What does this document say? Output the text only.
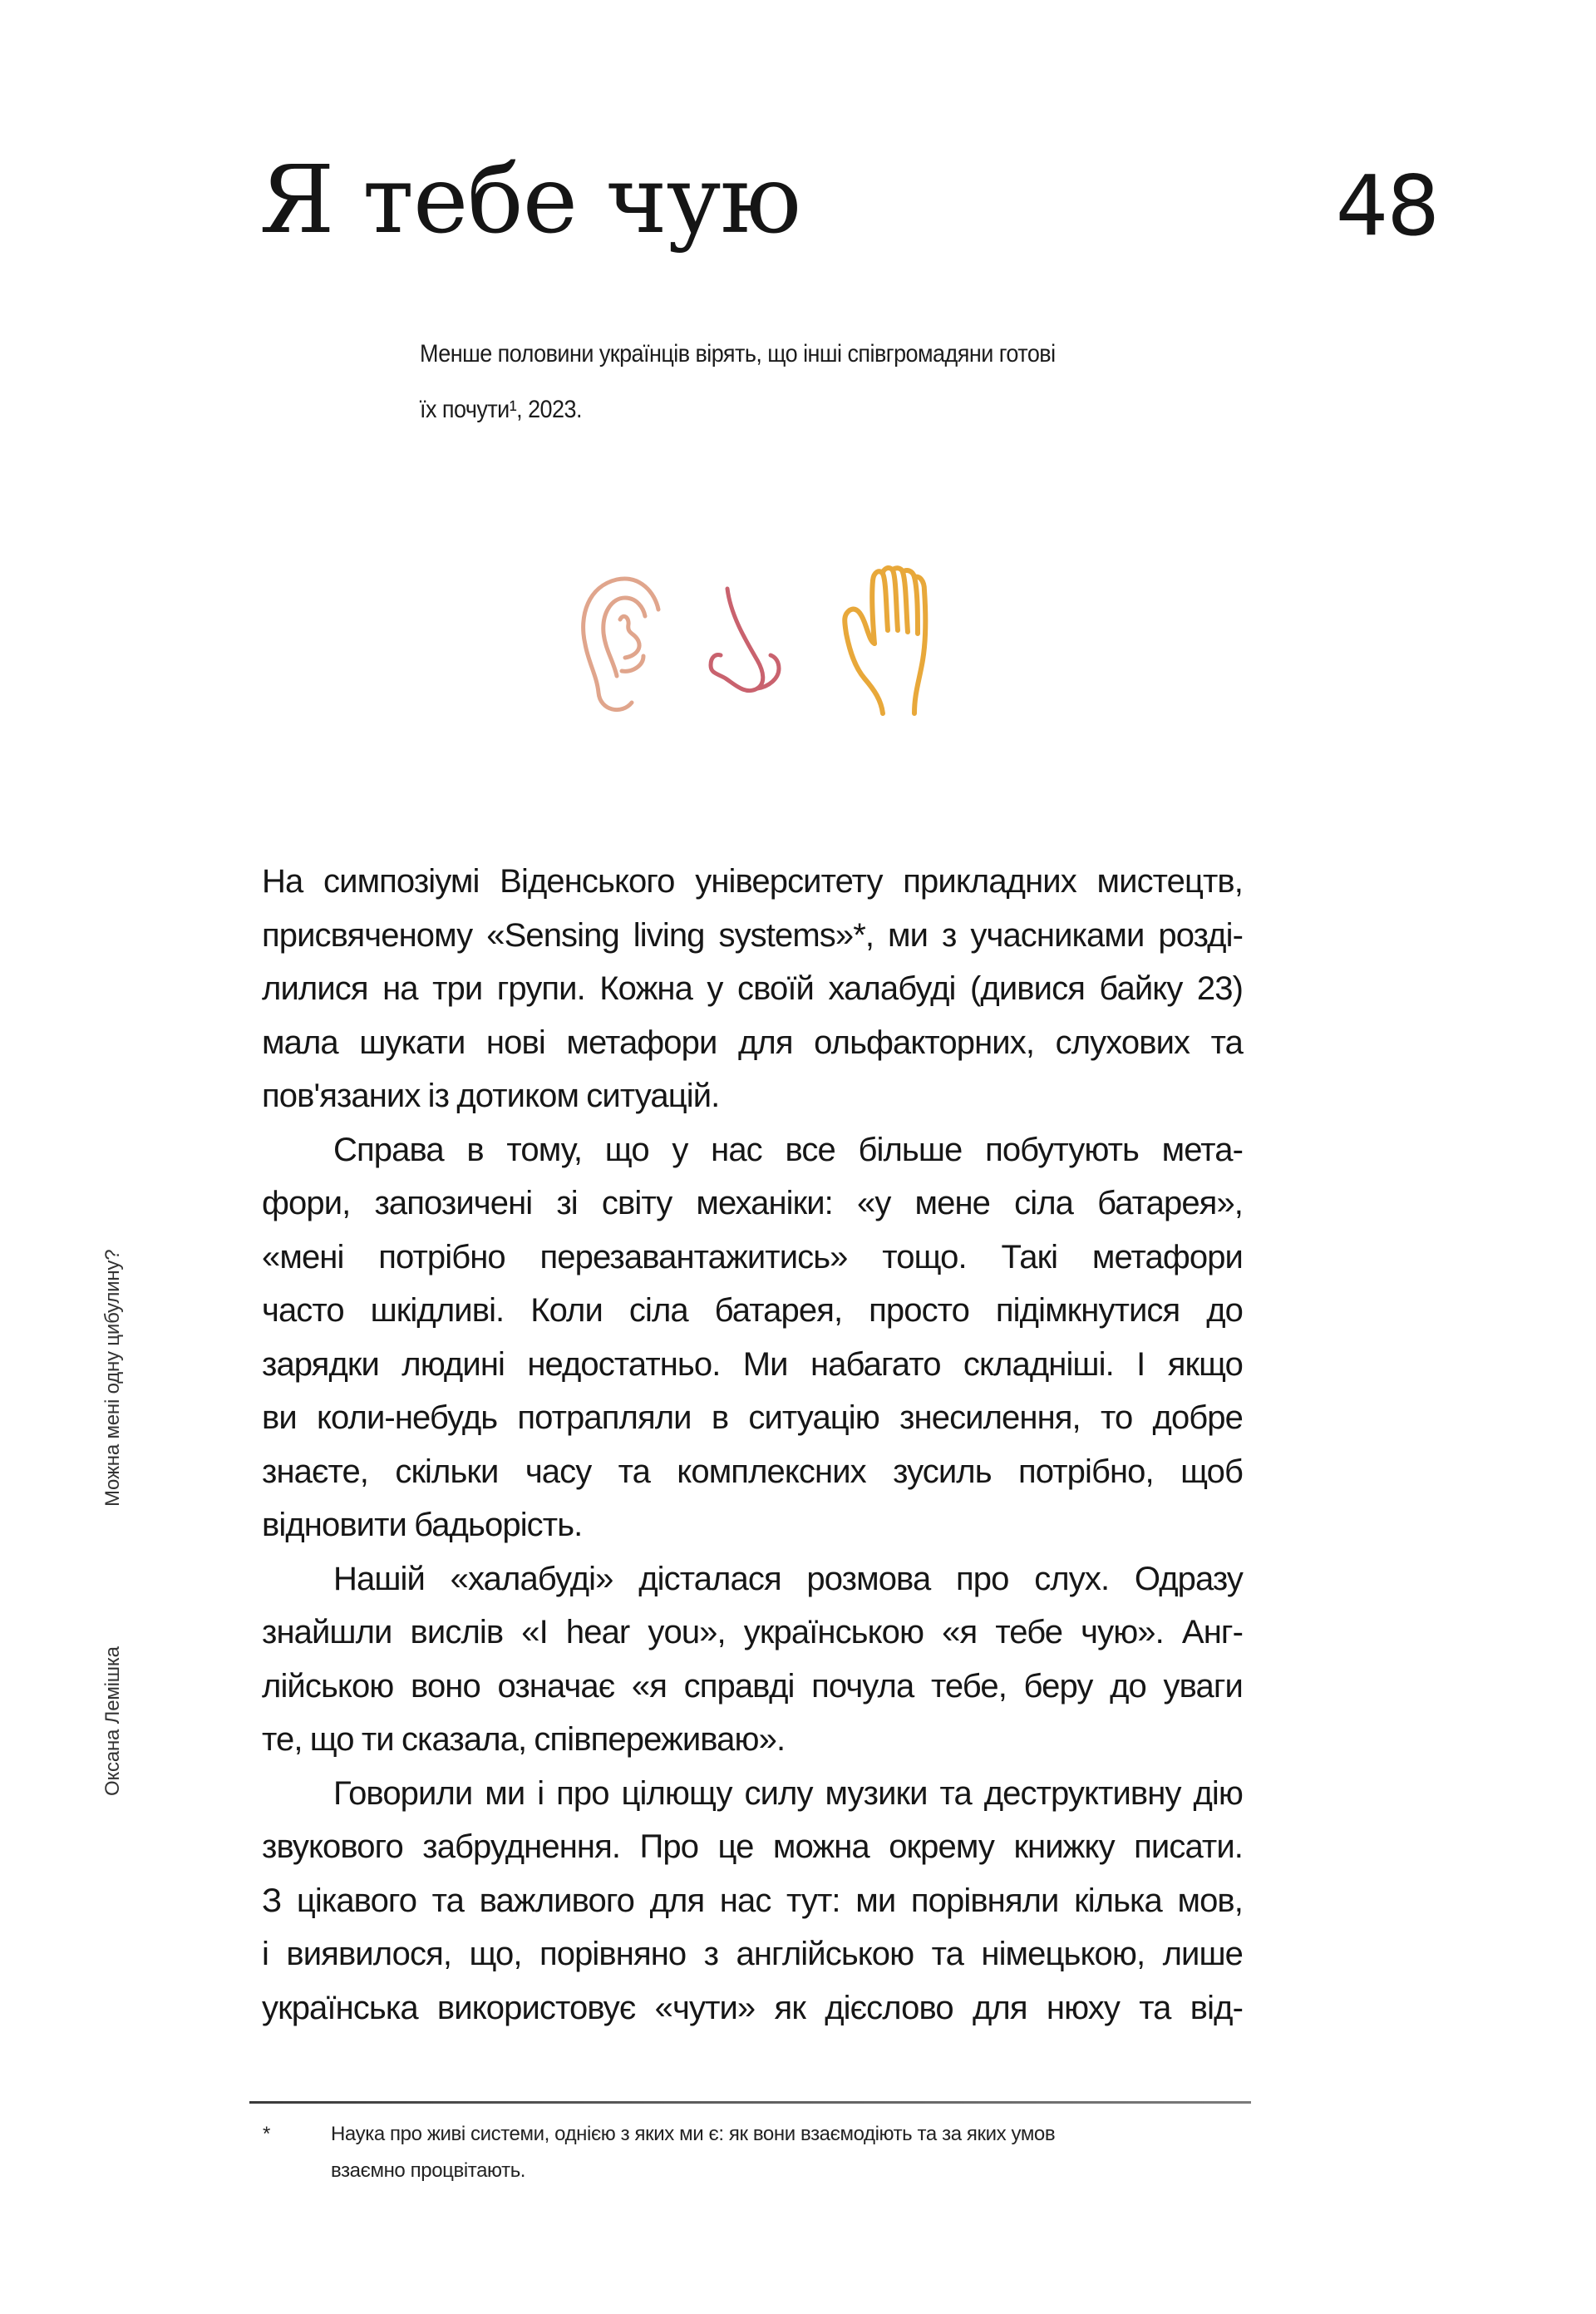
Я тебе чую	48

Менше половини українців вірять, що інші співгромадяни готові

їх почути¹, 2023.

На симпозіумі Віденського університету прикладних мистецтв,
присвяченому «Sensing living systems»*, ми з учасниками розді-
лилися на три групи. Кожна у своїй халабуді (дивися байку 23)
мала шукати нові метафори для ольфакторних, слухових та
пов'язаних із дотиком ситуацій.
Справа в тому, що у нас все більше побутують мета-
фори, запозичені зі світу механіки: «у мене сіла батарея»,
«мені потрібно перезавантажитись» тощо. Такі метафори
часто шкідливі. Коли сіла батарея, просто підімкнутися до
зарядки людині недостатньо. Ми набагато складніші. І якщо
ви коли-небудь потрапляли в ситуацію знесилення, то добре
знаєте, скільки часу та комплексних зусиль потрібно, щоб
відновити бадьорість.
Нашій «халабуді» дісталася розмова про слух. Одразу
знайшли вислів «I hear you», українською «я тебе чую». Анг-
лійською воно означає «я справді почула тебе, беру до уваги
те, що ти сказала, співпереживаю».
Говорили ми і про цілющу силу музики та деструктивну дію
звукового забруднення. Про це можна окрему книжку писати.
З цікавого та важливого для нас тут: ми порівняли кілька мов,
і виявилося, що, порівняно з англійською та німецькою, лише
українська використовує «чути» як дієслово для нюху та від-
*	Наука про живі системи, однією з яких ми є: як вони взаємодіють та за яких умов
взаємно процвітають.
Можна мені одну цибулину?
Оксана Лемішка
